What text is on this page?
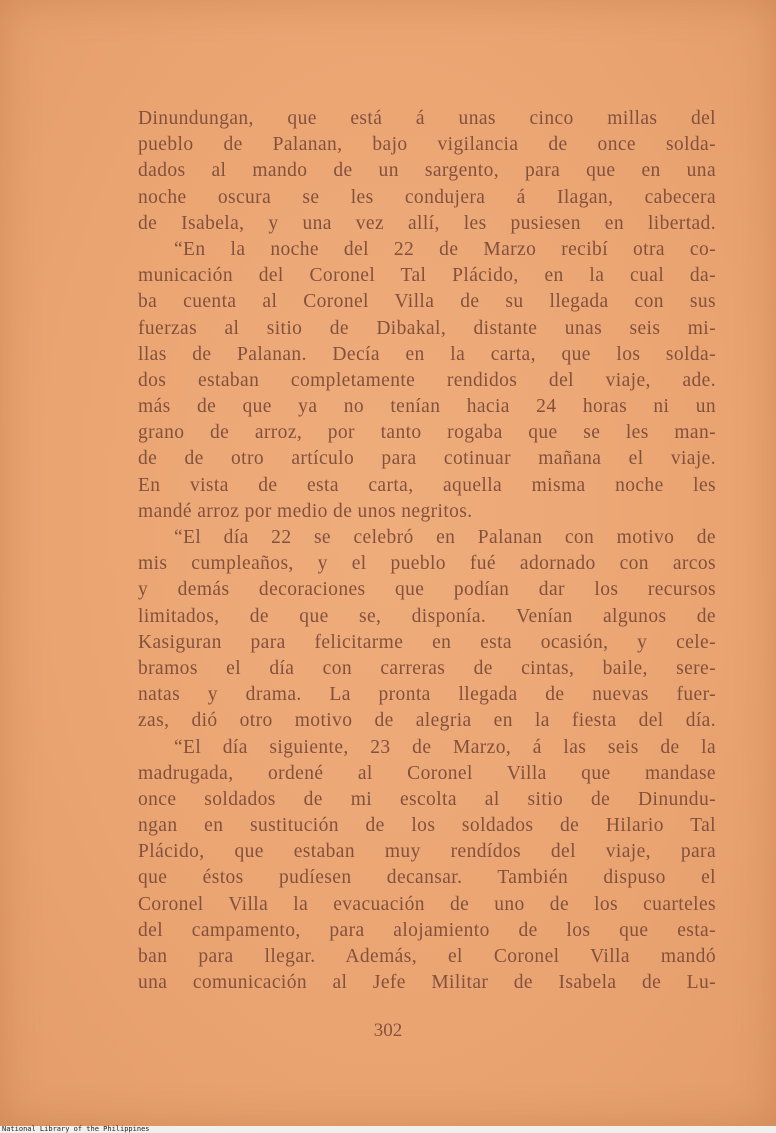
Dinundungan, que está á unas cinco millas del
pueblo de Palanan, bajo vigilancia de once solda-
dados al mando de un sargento, para que en una
noche oscura se les condujera á Ilagan, cabecera
de Isabela, y una vez allí, les pusiesen en libertad.
“En la noche del 22 de Marzo recibí otra co-
municación del Coronel Tal Plácido, en la cual da-
ba cuenta al Coronel Villa de su llegada con sus
fuerzas al sitio de Dibakal, distante unas seis mi-
llas de Palanan. Decía en la carta, que los solda-
dos estaban completamente rendidos del viaje, ade.
más de que ya no tenían hacia 24 horas ni un
grano de arroz, por tanto rogaba que se les man-
de de otro artículo para cotinuar mañana el viaje.
En vista de esta carta, aquella misma noche les
mandé arroz por medio de unos negritos.
“El día 22 se celebró en Palanan con motivo de
mis cumpleaños, y el pueblo fué adornado con arcos
y demás decoraciones que podían dar los recursos
limitados, de que se, disponía. Venían algunos de
Kasiguran para felicitarme en esta ocasión, y cele-
bramos el día con carreras de cintas, baile, sere-
natas y drama. La pronta llegada de nuevas fuer-
zas, dió otro motivo de alegria en la fiesta del día.
“El día siguiente, 23 de Marzo, á las seis de la
madrugada, ordené al Coronel Villa que mandase
once soldados de mi escolta al sitio de Dinundu-
ngan en sustitución de los soldados de Hilario Tal
Plácido, que estaban muy rendídos del viaje, para
que éstos pudíesen decansar. También dispuso el
Coronel Villa la evacuación de uno de los cuarteles
del campamento, para alojamiento de los que esta-
ban para llegar. Además, el Coronel Villa mandó
una comunicación al Jefe Militar de Isabela de Lu-
302
National Library of the Philippines
